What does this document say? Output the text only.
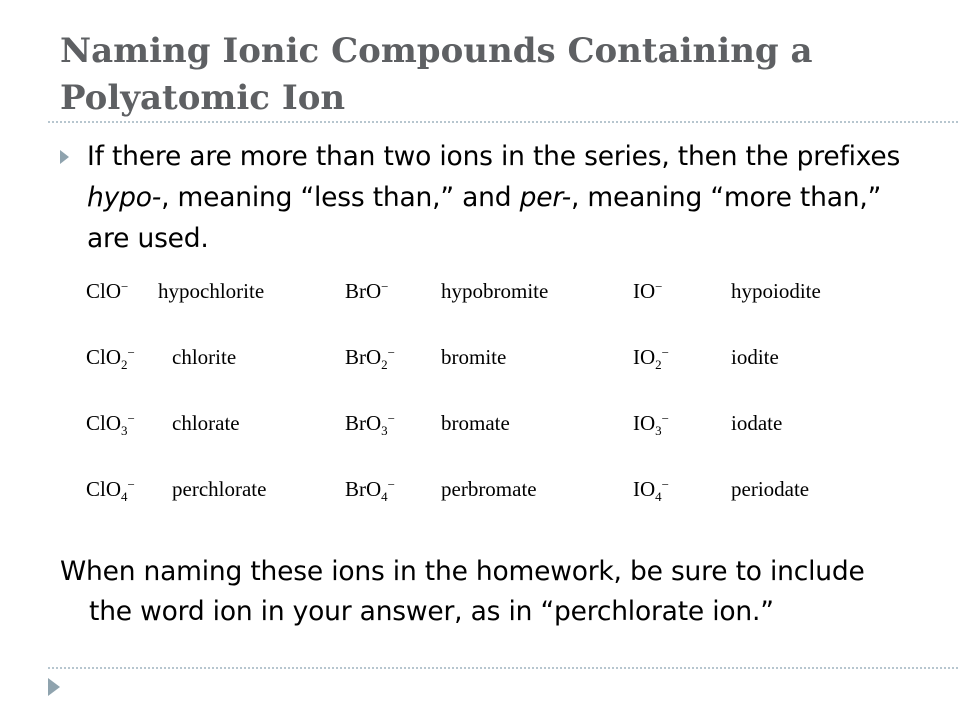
Naming Ionic Compounds Containing a
Polyatomic Ion
If there are more than two ions in the series, then the prefixes hypo-, meaning “less than,” and per-, meaning “more than,” are used.
ClO− hypochlorite	BrO− hypobromite	IO−	hypoiodite
ClO$_2$− chlorite	BrO$_2$− bromite	$IO_2^-$	iodite
ClO$_3$− chlorate	BrO$_3$− bromate	$IO_3^-$	iodate
ClO$_4$− perchlorate	BrO$_4$− perbromate	$IO_4^-$	periodate
When naming these ions in the homework, be sure to include
the word ion in your answer, as in “perchlorate ion.”
